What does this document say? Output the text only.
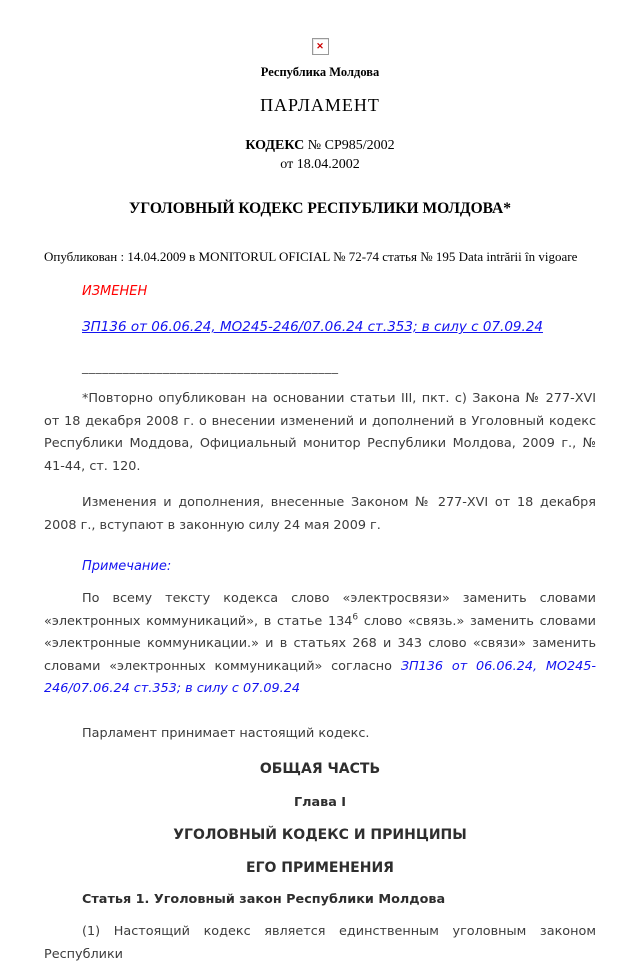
✕
Республика Молдова
ПАРЛАМЕНТ
КОДЕКС № CP985/2002
от 18.04.2002
УГОЛОВНЫЙ КОДЕКС РЕСПУБЛИКИ МОЛДОВА*
Опубликован : 14.04.2009 в MONITORUL OFICIAL № 72-74 статья № 195 Data intrării în vigoare
ИЗМЕНЕН
ЗП136 от 06.06.24, МО245-246/07.06.24 ст.353; в силу с 07.09.24
______________________________________

*Повторно опубликован на основании статьи III, пкт. c) Закона № 277-XVI от 18 декабря 2008 г. о внесении изменений и дополнений в Уголовный кодекс Республики Моддова, Официальный монитор Республики Молдова, 2009 г., № 41-44, ст. 120.

Изменения и дополнения, внесенные Законом № 277-XVI от 18 декабря 2008 г., вступают в законную силу 24 мая 2009 г.

Примечание:

По всему тексту кодекса слово «электросвязи» заменить словами «электронных коммуникаций», в статье $134^6$ слово «связь.» заменить словами «электронные коммуникации.» и в статьях 268 и 343 слово «связи» заменить словами «электронных коммуникаций» согласно ЗП136 от 06.06.24, МО245-246/07.06.24 ст.353; в силу с 07.09.24

Парламент принимает настоящий кодекс.

ОБЩАЯ ЧАСТЬ
Глава I
УГОЛОВНЫЙ КОДЕКС И ПРИНЦИПЫ
ЕГО ПРИМЕНЕНИЯ

Статья 1. Уголовный закон Республики Молдова

(1) Настоящий кодекс является единственным уголовным законом Республики
